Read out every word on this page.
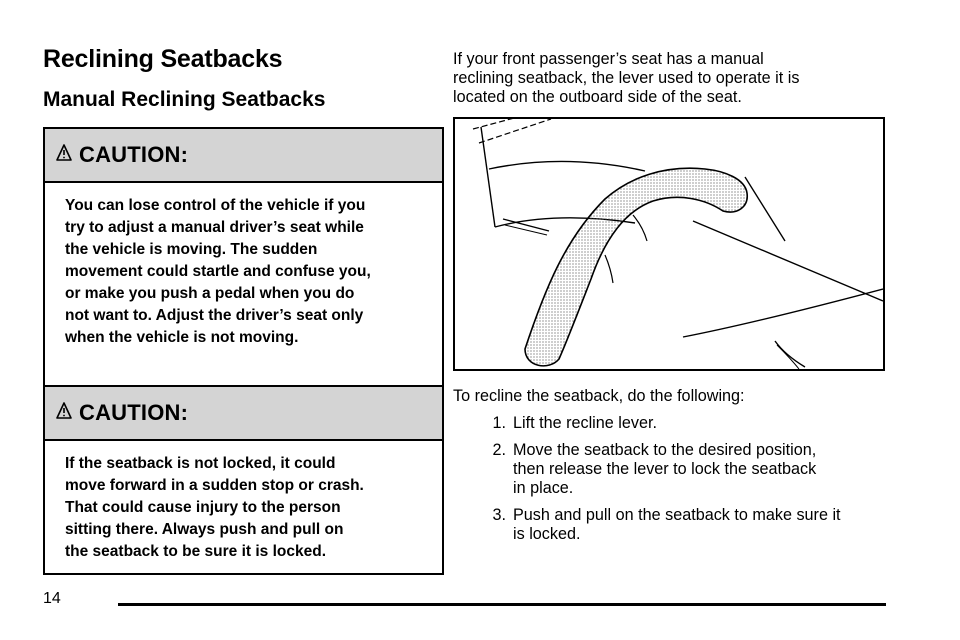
Reclining Seatbacks
Manual Reclining Seatbacks
CAUTION:
You can lose control of the vehicle if you
try to adjust a manual driver’s seat while
the vehicle is moving. The sudden
movement could startle and confuse you,
or make you push a pedal when you do
not want to. Adjust the driver’s seat only
when the vehicle is not moving.
CAUTION:
If the seatback is not locked, it could
move forward in a sudden stop or crash.
That could cause injury to the person
sitting there. Always push and pull on
the seatback to be sure it is locked.

If your front passenger’s seat has a manual

reclining seatback, the lever used to operate it is

located on the outboard side of the seat.

To recline the seatback, do the following:

1. Lift the recline lever.
2. Move the seatback to the desired position,
then release the lever to lock the seatback
in place.
3. Push and pull on the seatback to make sure it
is locked.
14
